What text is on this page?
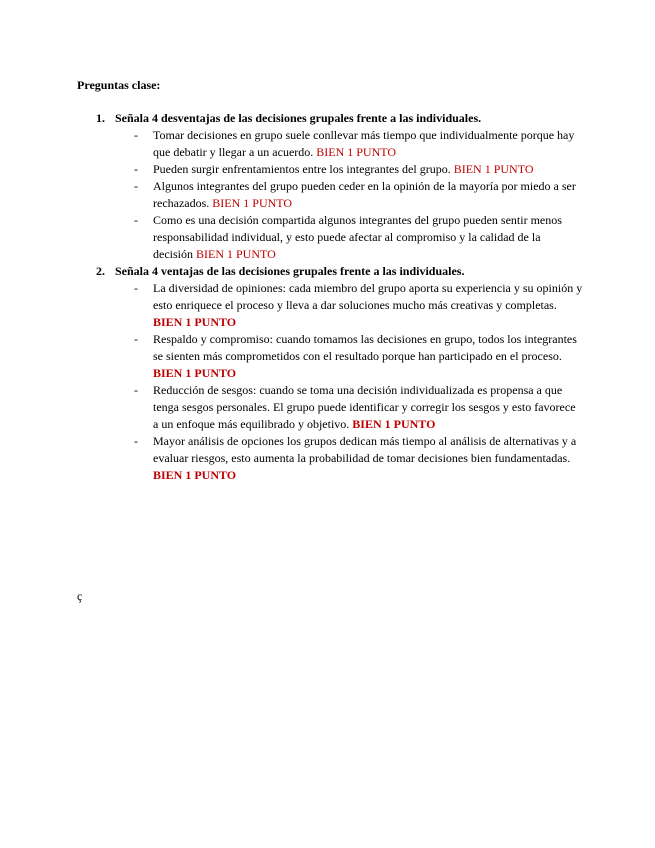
Preguntas clase:

1. Señala 4 desventajas de las decisiones grupales frente a las individuales.
- Tomar decisiones en grupo suele conllevar más tiempo que individualmente porque hay que debatir y llegar a un acuerdo. BIEN 1 PUNTO
- Pueden surgir enfrentamientos entre los integrantes del grupo. BIEN 1 PUNTO
- Algunos integrantes del grupo pueden ceder en la opinión de la mayoría por miedo a ser rechazados. BIEN 1 PUNTO
- Como es una decisión compartida algunos integrantes del grupo pueden sentir menos responsabilidad individual, y esto puede afectar al compromiso y la calidad de la decisión BIEN 1 PUNTO
2. Señala 4 ventajas de las decisiones grupales frente a las individuales.
- La diversidad de opiniones: cada miembro del grupo aporta su experiencia y su opinión y esto enriquece el proceso y lleva a dar soluciones mucho más creativas y completas. BIEN 1 PUNTO
- Respaldo y compromiso: cuando tomamos las decisiones en grupo, todos los integrantes se sienten más comprometidos con el resultado porque han participado en el proceso. BIEN 1 PUNTO
- Reducción de sesgos: cuando se toma una decisión individualizada es propensa a que tenga sesgos personales. El grupo puede identificar y corregir los sesgos y esto favorece a un enfoque más equilibrado y objetivo. BIEN 1 PUNTO
- Mayor análisis de opciones los grupos dedican más tiempo al análisis de alternativas y a evaluar riesgos, esto aumenta la probabilidad de tomar decisiones bien fundamentadas. BIEN 1 PUNTO
ç
